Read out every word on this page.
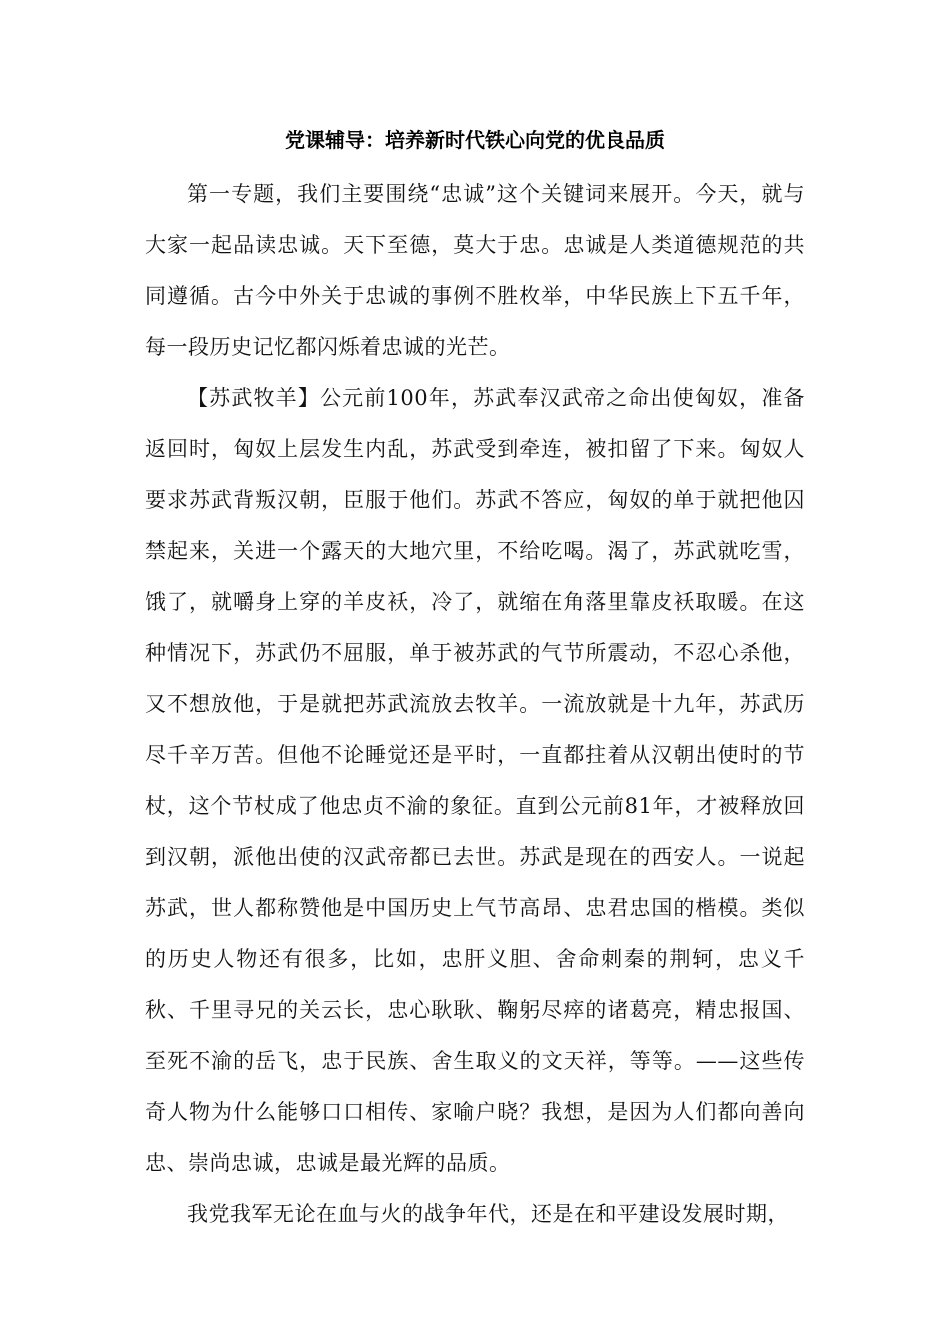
党课辅导：培养新时代铁心向党的优良品质

第一专题，我们主要围绕“忠诚”这个关键词来展开。今天，就与大家一起品读忠诚。天下至德，莫大于忠。忠诚是人类道德规范的共同遵循。古今中外关于忠诚的事例不胜枚举，中华民族上下五千年，每一段历史记忆都闪烁着忠诚的光芒。

【苏武牧羊】公元前100年，苏武奉汉武帝之命出使匈奴，准备返回时，匈奴上层发生内乱，苏武受到牵连，被扣留了下来。匈奴人要求苏武背叛汉朝，臣服于他们。苏武不答应，匈奴的单于就把他囚禁起来，关进一个露天的大地穴里，不给吃喝。渴了，苏武就吃雪，饿了，就嚼身上穿的羊皮袄，冷了，就缩在角落里靠皮袄取暖。在这种情况下，苏武仍不屈服，单于被苏武的气节所震动，不忍心杀他，又不想放他，于是就把苏武流放去牧羊。一流放就是十九年，苏武历尽千辛万苦。但他不论睡觉还是平时，一直都拄着从汉朝出使时的节杖，这个节杖成了他忠贞不渝的象征。直到公元前81年，才被释放回到汉朝，派他出使的汉武帝都已去世。苏武是现在的西安人。一说起苏武，世人都称赞他是中国历史上气节高昂、忠君忠国的楷模。类似的历史人物还有很多，比如，忠肝义胆、舍命刺秦的荆轲，忠义千秋、千里寻兄的关云长，忠心耿耿、鞠躬尽瘁的诸葛亮，精忠报国、至死不渝的岳飞，忠于民族、舍生取义的文天祥，等等。——这些传奇人物为什么能够口口相传、家喻户晓？我想，是因为人们都向善向忠、崇尚忠诚，忠诚是最光辉的品质。

我党我军无论在血与火的战争年代，还是在和平建设发展时期，
